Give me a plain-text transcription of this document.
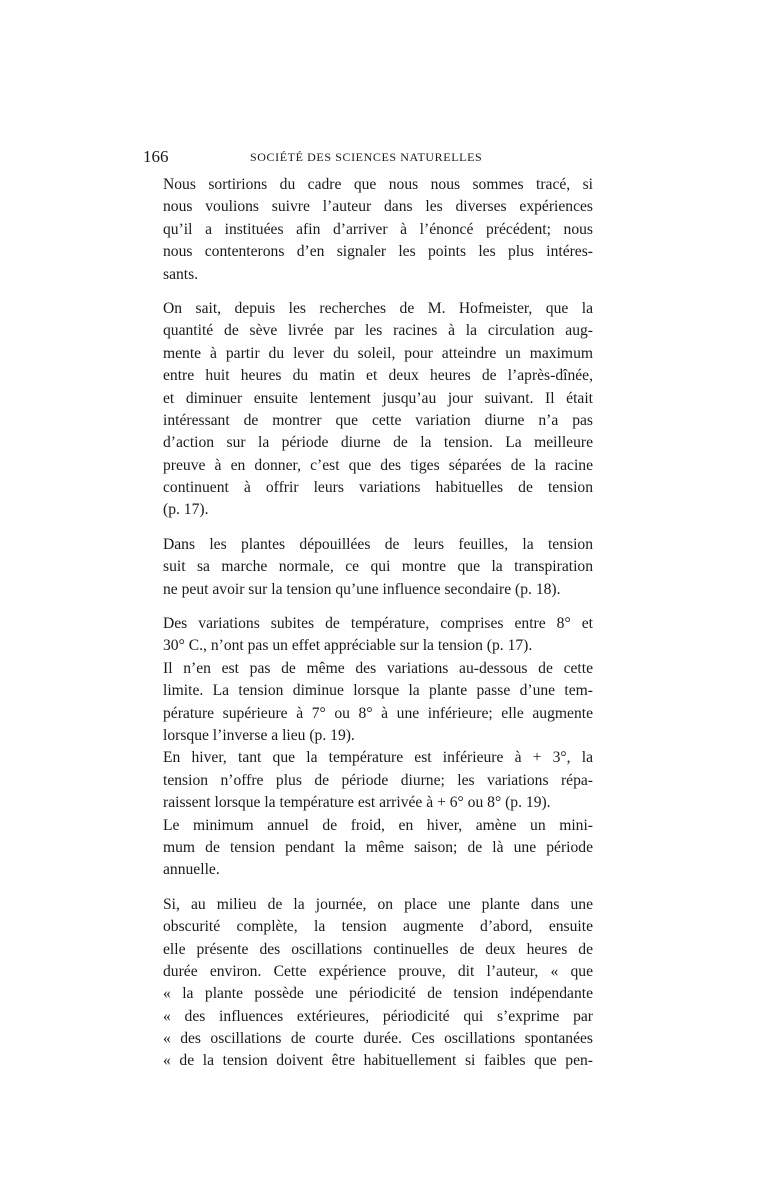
166	SOCIÉTÉ DES SCIENCES NATURELLES
Nous sortirions du cadre que nous nous sommes tracé, si
nous voulions suivre l’auteur dans les diverses expériences
qu’il a instituées afin d’arriver à l’énoncé précédent; nous
nous contenterons d’en signaler les points les plus intéres-
sants.
On sait, depuis les recherches de M. Hofmeister, que la
quantité de sève livrée par les racines à la circulation aug-
mente à partir du lever du soleil, pour atteindre un maximum
entre huit heures du matin et deux heures de l’après-dînée,
et diminuer ensuite lentement jusqu’au jour suivant. Il était
intéressant de montrer que cette variation diurne n’a pas
d’action sur la période diurne de la tension. La meilleure
preuve à en donner, c’est que des tiges séparées de la racine
continuent à offrir leurs variations habituelles de tension
(p. 17).
Dans les plantes dépouillées de leurs feuilles, la tension
suit sa marche normale, ce qui montre que la transpiration
ne peut avoir sur la tension qu’une influence secondaire (p. 18).
Des variations subites de température, comprises entre 8° et
30° C., n’ont pas un effet appréciable sur la tension (p. 17).
Il n’en est pas de même des variations au-dessous de cette
limite. La tension diminue lorsque la plante passe d’une tem-
pérature supérieure à 7° ou 8° à une inférieure; elle augmente
lorsque l’inverse a lieu (p. 19).
En hiver, tant que la température est inférieure à + 3°, la
tension n’offre plus de période diurne; les variations répa-
raissent lorsque la température est arrivée à + 6° ou 8° (p. 19).
Le minimum annuel de froid, en hiver, amène un mini-
mum de tension pendant la même saison; de là une période
annuelle.
Si, au milieu de la journée, on place une plante dans une
obscurité complète, la tension augmente d’abord, ensuite
elle présente des oscillations continuelles de deux heures de
durée environ. Cette expérience prouve, dit l’auteur, « que
« la plante possède une périodicité de tension indépendante
« des influences extérieures, périodicité qui s’exprime par
« des oscillations de courte durée. Ces oscillations spontanées
« de la tension doivent être habituellement si faibles que pen-
